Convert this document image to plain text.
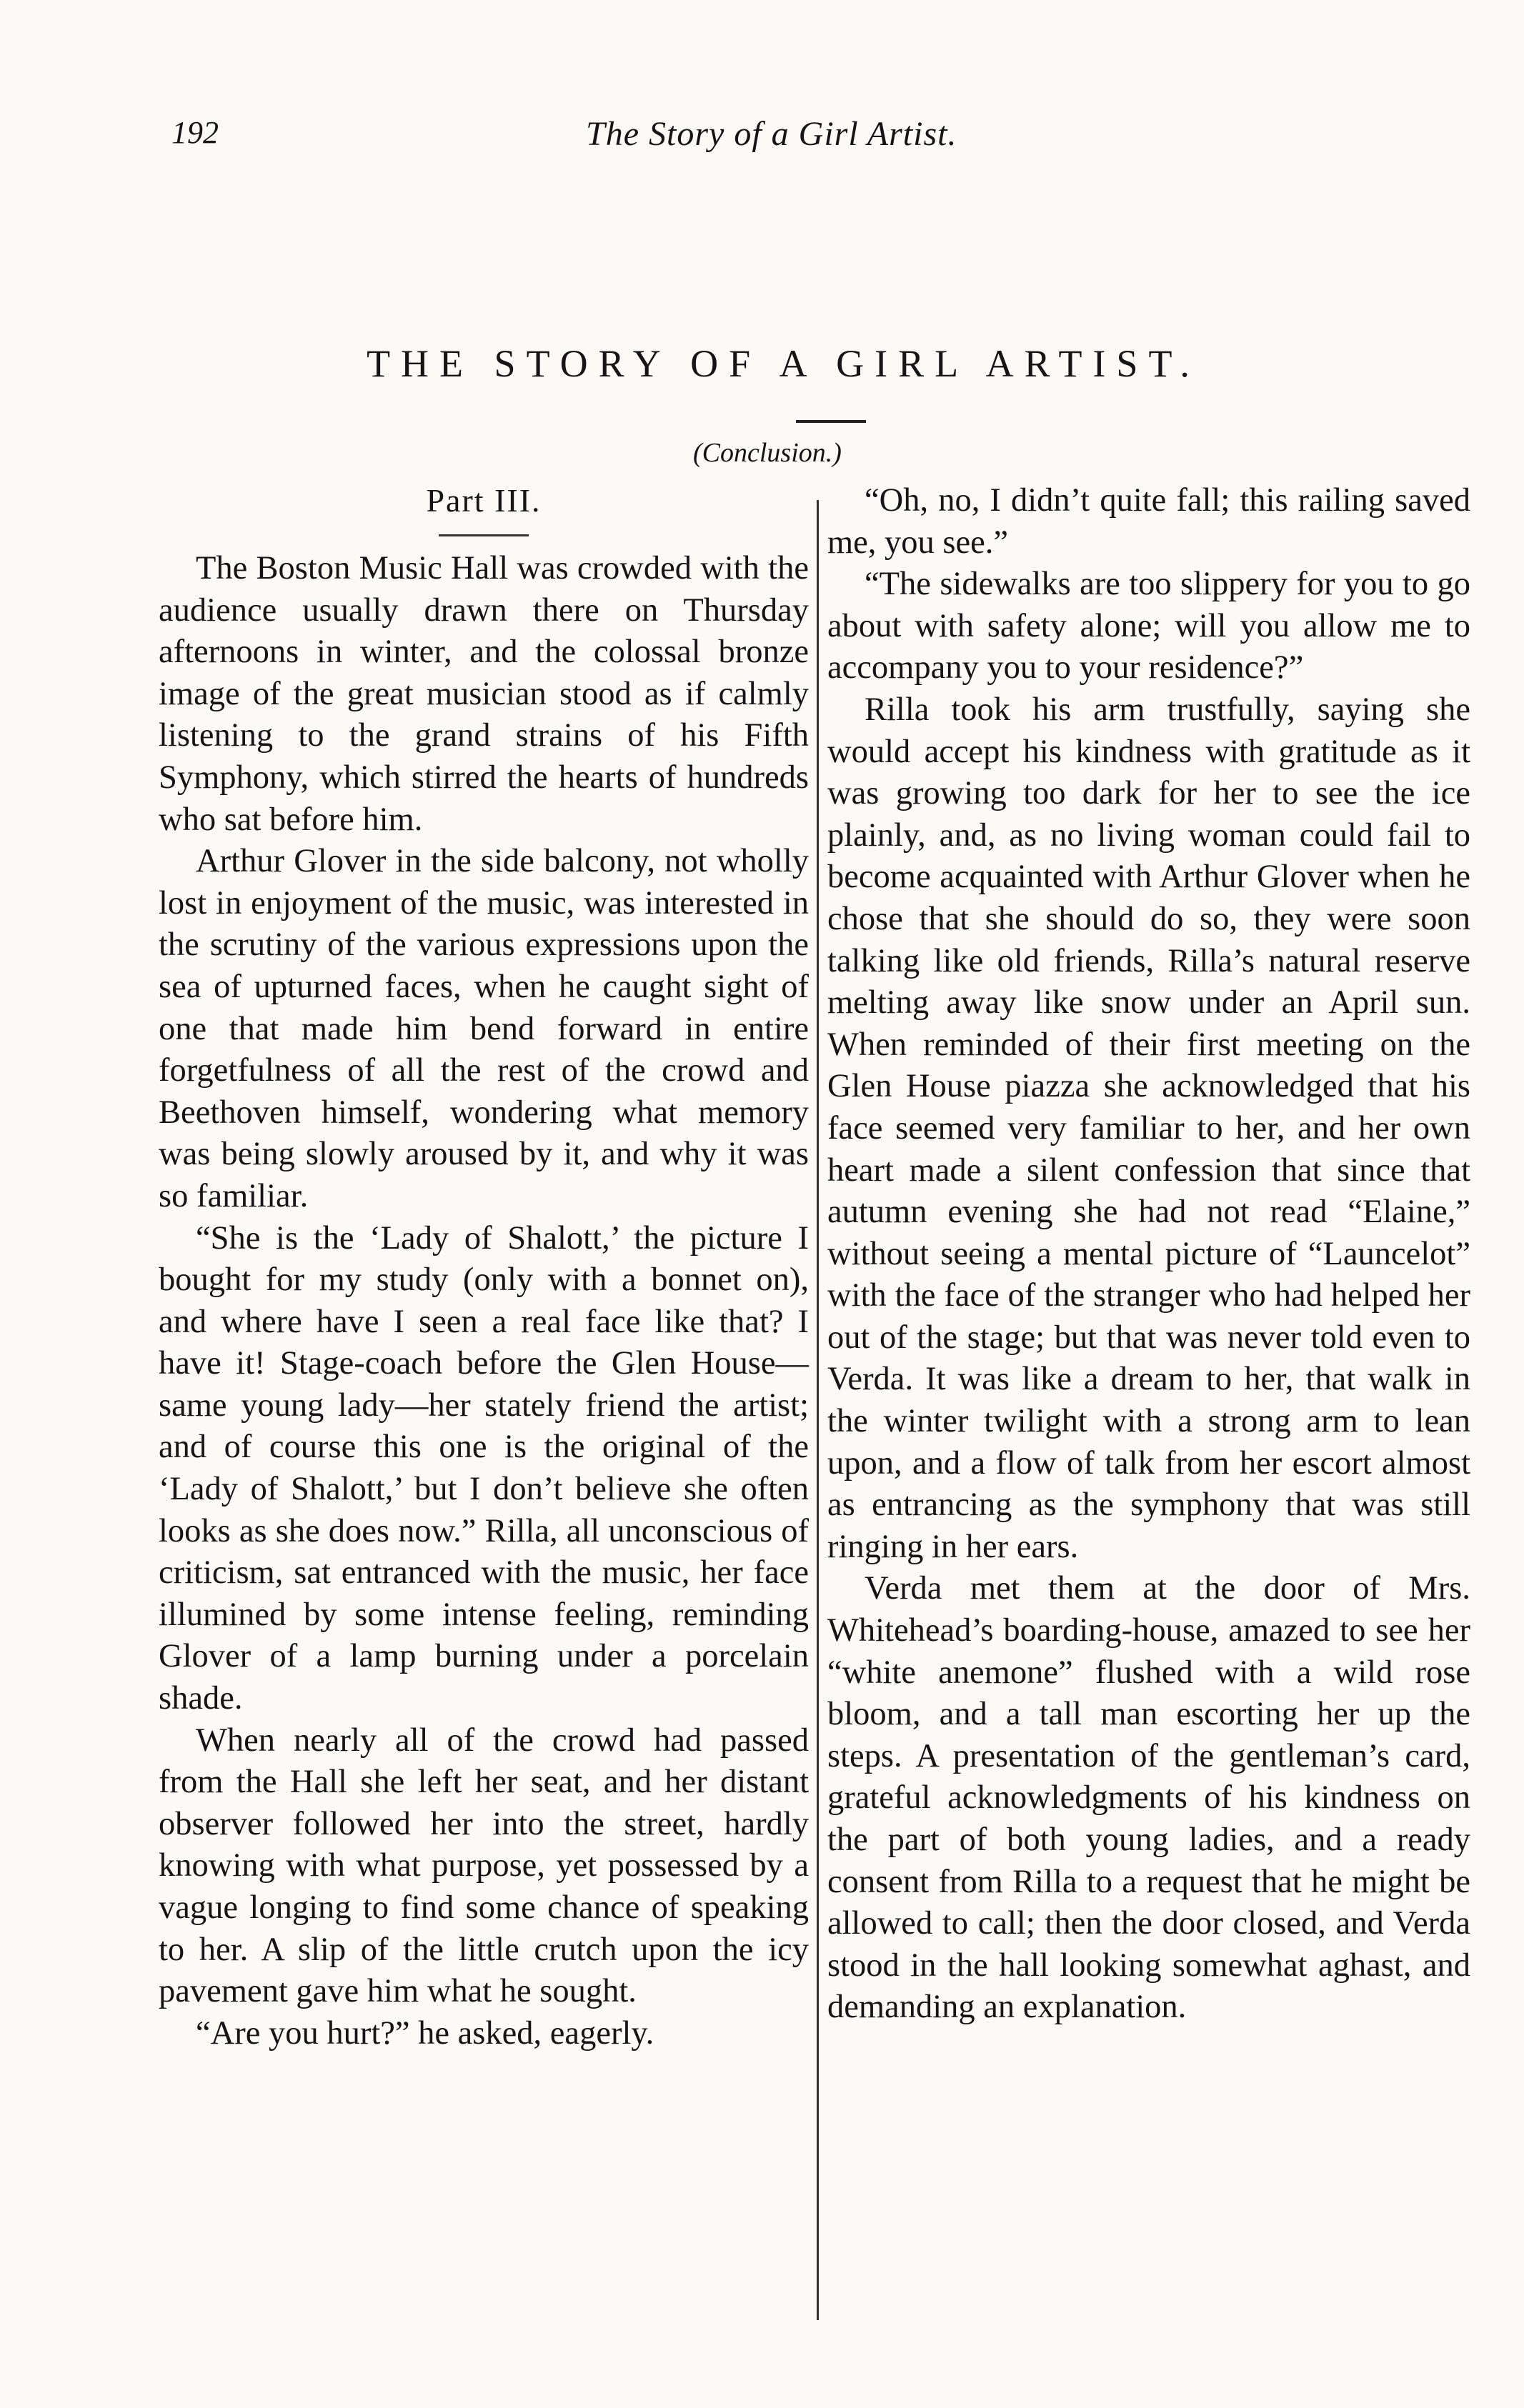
192	The Story of a Girl Artist.
THE STORY OF A GIRL ARTIST.
(Conclusion.)
Part III.

The Boston Music Hall was crowded with the audience usually drawn there on Thursday afternoons in winter, and the colossal bronze image of the great musician stood as if calmly listening to the grand strains of his Fifth Symphony, which stirred the hearts of hundreds who sat before him.

Arthur Glover in the side balcony, not wholly lost in enjoyment of the music, was interested in the scrutiny of the various expressions upon the sea of upturned faces, when he caught sight of one that made him bend forward in entire forgetfulness of all the rest of the crowd and Beethoven himself, wondering what memory was being slowly aroused by it, and why it was so familiar.

“She is the ‘Lady of Shalott,’ the picture I bought for my study (only with a bonnet on), and where have I seen a real face like that? I have it! Stage-coach before the Glen House—same young lady—her stately friend the artist; and of course this one is the original of the ‘Lady of Shalott,’ but I don’t believe she often looks as she does now.” Rilla, all unconscious of criticism, sat entranced with the music, her face illumined by some intense feeling, reminding Glover of a lamp burning under a porcelain shade.

When nearly all of the crowd had passed from the Hall she left her seat, and her distant observer followed her into the street, hardly knowing with what purpose, yet possessed by a vague longing to find some chance of speaking to her. A slip of the little crutch upon the icy pavement gave him what he sought.

“Are you hurt?” he asked, eagerly.

“Oh, no, I didn’t quite fall; this railing saved me, you see.”

“The sidewalks are too slippery for you to go about with safety alone; will you allow me to accompany you to your residence?”

Rilla took his arm trustfully, saying she would accept his kindness with gratitude as it was growing too dark for her to see the ice plainly, and, as no living woman could fail to become acquainted with Arthur Glover when he chose that she should do so, they were soon talking like old friends, Rilla’s natural reserve melting away like snow under an April sun. When reminded of their first meeting on the Glen House piazza she acknowledged that his face seemed very familiar to her, and her own heart made a silent confession that since that autumn evening she had not read “Elaine,” without seeing a mental picture of “Launcelot” with the face of the stranger who had helped her out of the stage; but that was never told even to Verda. It was like a dream to her, that walk in the winter twilight with a strong arm to lean upon, and a flow of talk from her escort almost as entrancing as the symphony that was still ringing in her ears.

Verda met them at the door of Mrs. Whitehead’s boarding-house, amazed to see her “white anemone” flushed with a wild rose bloom, and a tall man escorting her up the steps. A presentation of the gentleman’s card, grateful acknowledgments of his kindness on the part of both young ladies, and a ready consent from Rilla to a request that he might be allowed to call; then the door closed, and Verda stood in the hall looking somewhat aghast, and demanding an explanation.
